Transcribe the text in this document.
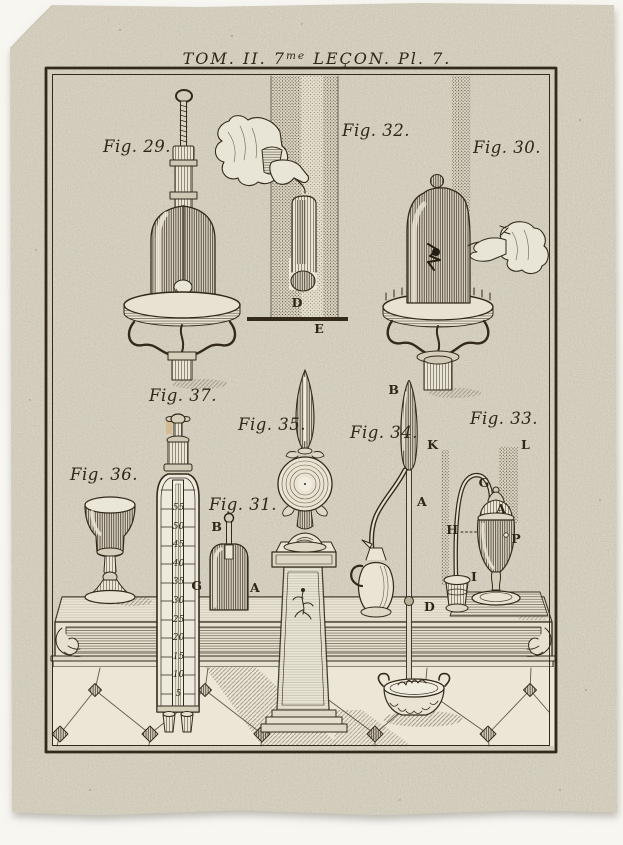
TOM. II. $7^{me}$ LEÇON. Pl. 7.
Fig. 29.
Fig. 32.
Fig. 30.
Fig. 37.
Fig. 35.	Fig. 34.
Fig. 33.
Fig. 36.
Fig. 31.
D
E
B
A
D
K	L
G
A
H
P
I
B
G	A
55
50
45
40
35
30
25
20
15
10
5
